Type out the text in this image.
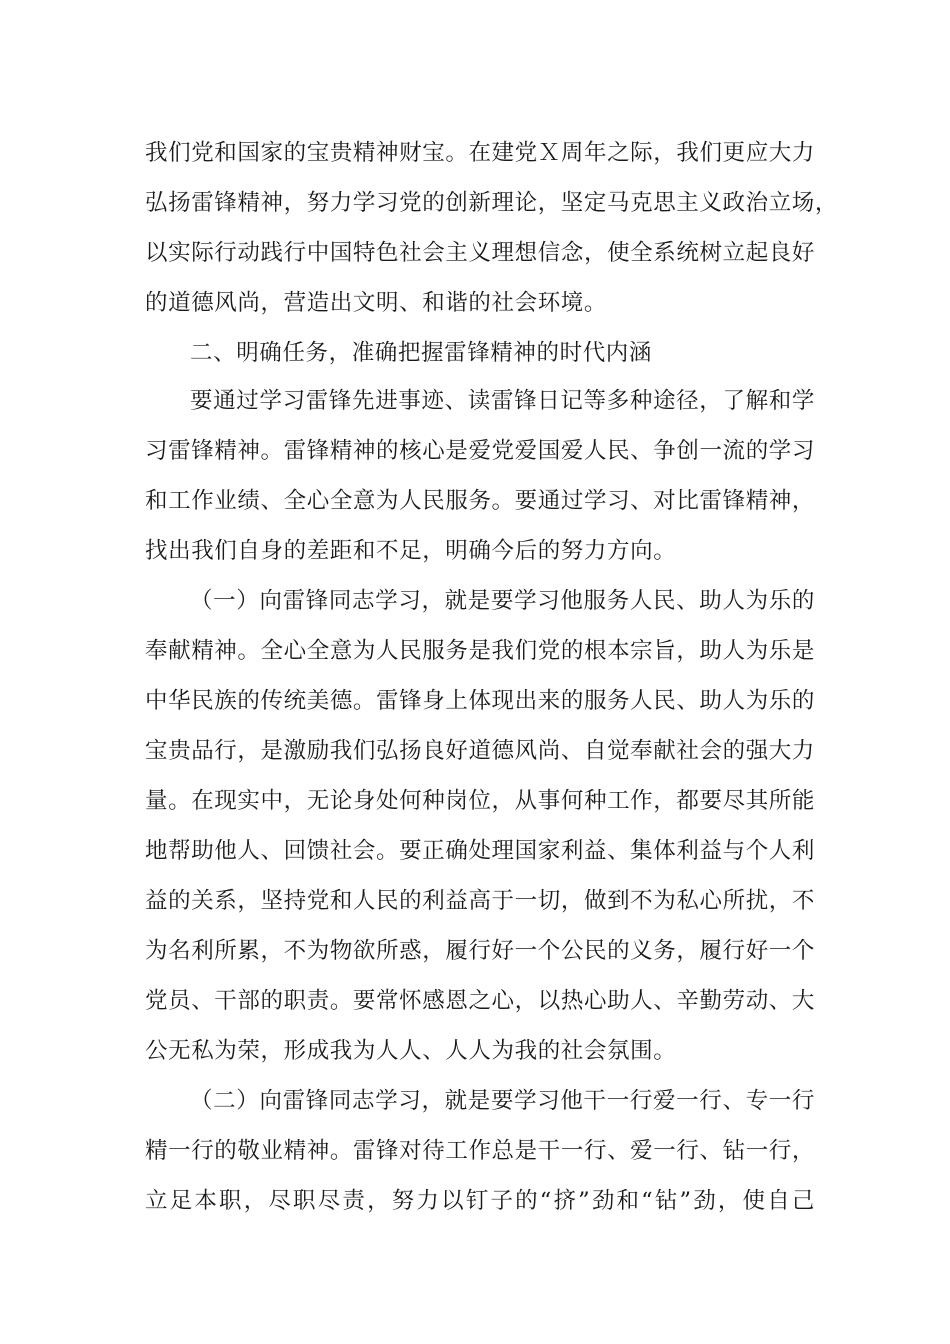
我们党和国家的宝贵精神财宝。在建党Ｘ周年之际，我们更应大力
弘扬雷锋精神，努力学习党的创新理论，坚定马克思主义政治立场，
以实际行动践行中国特色社会主义理想信念，使全系统树立起良好
的道德风尚，营造出文明、和谐的社会环境。
二、明确任务，准确把握雷锋精神的时代内涵
要通过学习雷锋先进事迹、读雷锋日记等多种途径，了解和学
习雷锋精神。雷锋精神的核心是爱党爱国爱人民、争创一流的学习
和工作业绩、全心全意为人民服务。要通过学习、对比雷锋精神，
找出我们自身的差距和不足，明确今后的努力方向。
（一）向雷锋同志学习，就是要学习他服务人民、助人为乐的
奉献精神。全心全意为人民服务是我们党的根本宗旨，助人为乐是
中华民族的传统美德。雷锋身上体现出来的服务人民、助人为乐的
宝贵品行，是激励我们弘扬良好道德风尚、自觉奉献社会的强大力
量。在现实中，无论身处何种岗位，从事何种工作，都要尽其所能
地帮助他人、回馈社会。要正确处理国家利益、集体利益与个人利
益的关系，坚持党和人民的利益高于一切，做到不为私心所扰，不
为名利所累，不为物欲所惑，履行好一个公民的义务，履行好一个
党员、干部的职责。要常怀感恩之心，以热心助人、辛勤劳动、大
公无私为荣，形成我为人人、人人为我的社会氛围。
（二）向雷锋同志学习，就是要学习他干一行爱一行、专一行
精一行的敬业精神。雷锋对待工作总是干一行、爱一行、钻一行，
立足本职，尽职尽责，努力以钉子的“挤”劲和“钻”劲，使自己
